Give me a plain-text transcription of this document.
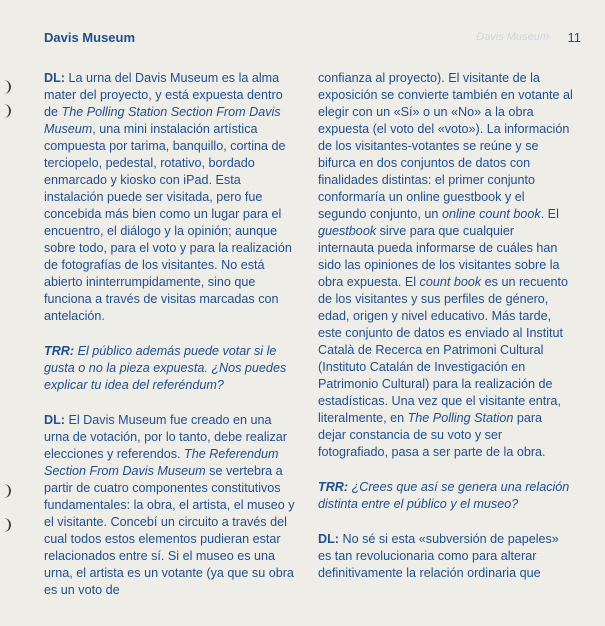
Davis Museum	Davis Museum 11

DL: La urna del Davis Museum es la alma mater del proyecto, y está expuesta dentro de The Polling Station Section From Davis Museum, una mini instalación artística compuesta por tarima, banquillo, cortina de terciopelo, pedestal, rotativo, bordado enmarcado y kiosko con iPad. Esta instalación puede ser visitada, pero fue concebida más bien como un lugar para el encuentro, el diálogo y la opinión; aunque sobre todo, para el voto y para la realización de fotografías de los visitantes. No está abierto ininterrumpidamente, sino que funciona a través de visitas marcadas con antelación.

TRR: El público además puede votar si le gusta o no la pieza expuesta. ¿Nos puedes explicar tu idea del referéndum?

DL: El Davis Museum fue creado en una urna de votación, por lo tanto, debe realizar elecciones y referendos. The Referendum Section From Davis Museum se vertebra a partir de cuatro componentes constitutivos fundamentales: la obra, el artista, el museo y el visitante. Concebí un circuito a través del cual todos estos elementos pudieran estar relacionados entre sí. Si el museo es una urna, el artista es un votante (ya que su obra es un voto de

confianza al proyecto). El visitante de la exposición se convierte también en votante al elegir con un «Sí» o un «No» a la obra expuesta (el voto del «voto»). La información de los visitantes-votantes se reúne y se bifurca en dos conjuntos de datos con finalidades distintas: el primer conjunto conformaría un online guestbook y el segundo conjunto, un online count book. El guestbook sirve para que cualquier internauta pueda informarse de cuáles han sido las opiniones de los visitantes sobre la obra expuesta. El count book es un recuento de los visitantes y sus perfiles de género, edad, origen y nivel educativo. Más tarde, este conjunto de datos es enviado al Institut Català de Recerca en Patrimoni Cultural (Instituto Catalán de Investigación en Patrimonio Cultural) para la realización de estadísticas. Una vez que el visitante entra, literalmente, en The Polling Station para dejar constancia de su voto y ser fotografiado, pasa a ser parte de la obra.

TRR: ¿Crees que así se genera una relación distinta entre el público y el museo?

DL: No sé si esta «subversión de papeles» es tan revolucionaria como para alterar definitivamente la relación ordinaria que
